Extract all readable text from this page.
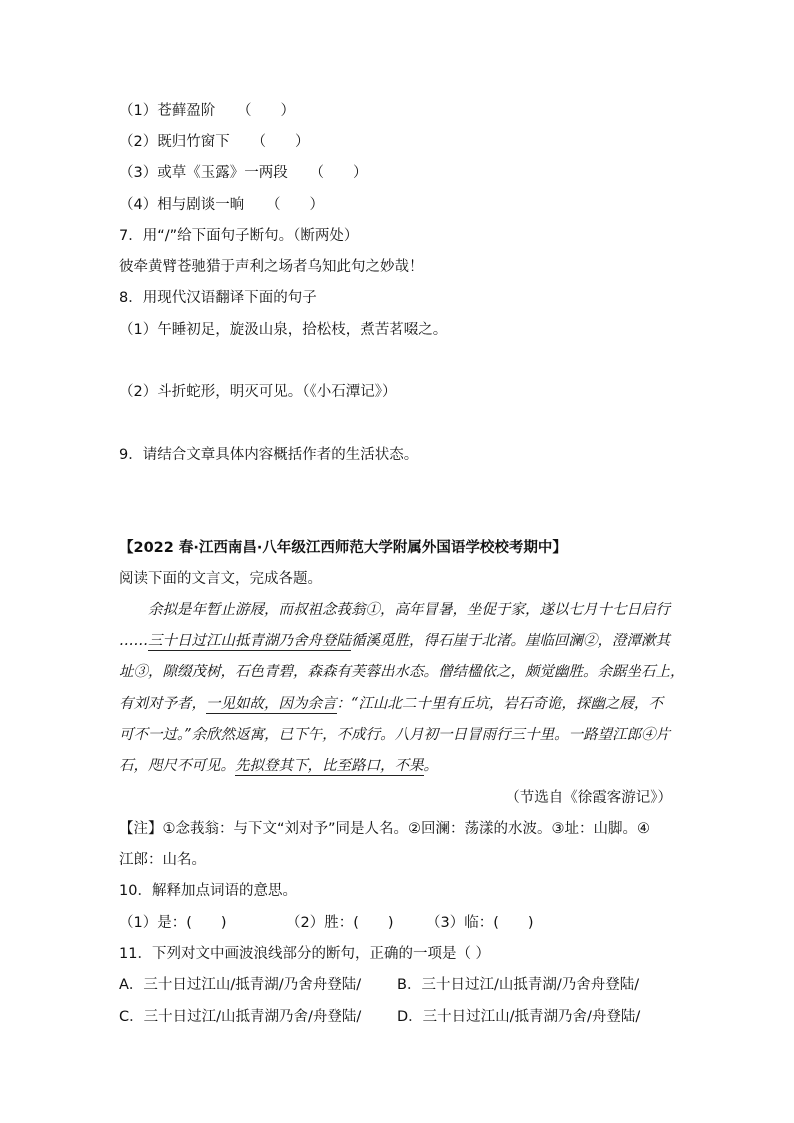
（1）苍藓盈阶　　（　　）
（2）既归竹窗下　　（　　）
（3）或草《玉露》一两段　　（　　）
（4）相与剧谈一晌　　（　　）
7．用“/”给下面句子断句。（断两处）
彼牵黄臂苍驰猎于声利之场者乌知此句之妙哉！
8．用现代汉语翻译下面的句子
（1）午睡初足，旋汲山泉，拾松枝，煮苦茗啜之。
（2）斗折蛇形，明灭可见。（《小石潭记》）
9．请结合文章具体内容概括作者的生活状态。
【2022 春·江西南昌·八年级江西师范大学附属外国语学校校考期中】
阅读下面的文言文，完成各题。
余拟是年暂止游屐，而叔祖念莪翁①，高年冒暑，坐促于家，遂以七月十七日启行
……三十日过江山抵青湖乃舍舟登陆循溪觅胜，得石崖于北渚。崖临回澜②，澄潭漱其
址③，隙缀茂树，石色青碧，森森有芙蓉出水态。僧结楹依之，颇觉幽胜。余踞坐石上，
有刘对予者，一见如故，因为余言：“江山北二十里有丘坑，岩石奇诡，探幽之屐，不
可不一过。”余欣然返寓，已下午，不成行。八月初一日冒雨行三十里。一路望江郎④片
石，咫尺不可见。先拟登其下，比至路口，不果。
（节选自《徐霞客游记》）
【注】①念莪翁：与下文“刘对予”同是人名。②回澜：荡漾的水波。③址：山脚。④
江郎：山名。
10．解释加点词语的意思。
（1）是：(　　)	（2）胜：(　　) （3）临：(　　)
11．下列对文中画波浪线部分的断句，正确的一项是（ ）
A．三十日过江山/抵青湖/乃舍舟登陆/ B．三十日过江/山抵青湖/乃舍舟登陆/
C．三十日过江/山抵青湖乃舍/舟登陆/ D．三十日过江山/抵青湖乃舍/舟登陆/
